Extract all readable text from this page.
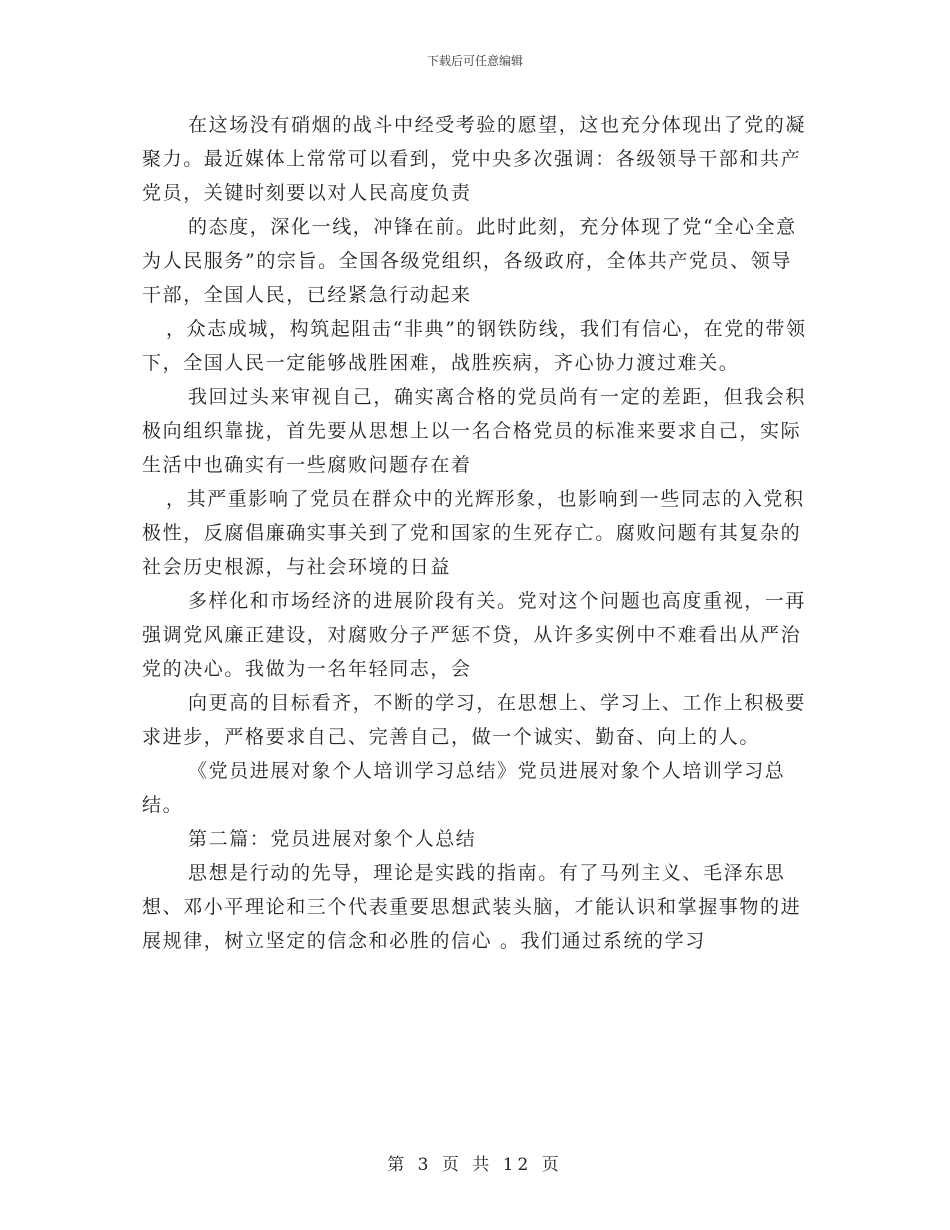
下载后可任意编辑

在这场没有硝烟的战斗中经受考验的愿望，这也充分体现出了党的凝聚力。最近媒体上常常可以看到，党中央多次强调：各级领导干部和共产党员，关键时刻要以对人民高度负责

的态度，深化一线，冲锋在前。此时此刻，充分体现了党“全心全意为人民服务”的宗旨。全国各级党组织，各级政府，全体共产党员、领导干部，全国人民，已经紧急行动起来

，众志成城，构筑起阻击“非典”的钢铁防线，我们有信心，在党的带领下，全国人民一定能够战胜困难，战胜疾病，齐心协力渡过难关。

我回过头来审视自己，确实离合格的党员尚有一定的差距，但我会积极向组织靠拢，首先要从思想上以一名合格党员的标准来要求自己，实际生活中也确实有一些腐败问题存在着

，其严重影响了党员在群众中的光辉形象，也影响到一些同志的入党积极性，反腐倡廉确实事关到了党和国家的生死存亡。腐败问题有其复杂的社会历史根源，与社会环境的日益

多样化和市场经济的进展阶段有关。党对这个问题也高度重视，一再强调党风廉正建设，对腐败分子严惩不贷，从许多实例中不难看出从严治党的决心。我做为一名年轻同志，会

向更高的目标看齐，不断的学习，在思想上、学习上、工作上积极要求进步，严格要求自己、完善自己，做一个诚实、勤奋、向上的人。

《党员进展对象个人培训学习总结》党员进展对象个人培训学习总结。

第二篇：党员进展对象个人总结

思想是行动的先导，理论是实践的指南。有了马列主义、毛泽东思想、邓小平理论和三个代表重要思想武装头脑，才能认识和掌握事物的进展规律，树立坚定的信念和必胜的信心 。我们通过系统的学习

第 3 页 共 12 页
